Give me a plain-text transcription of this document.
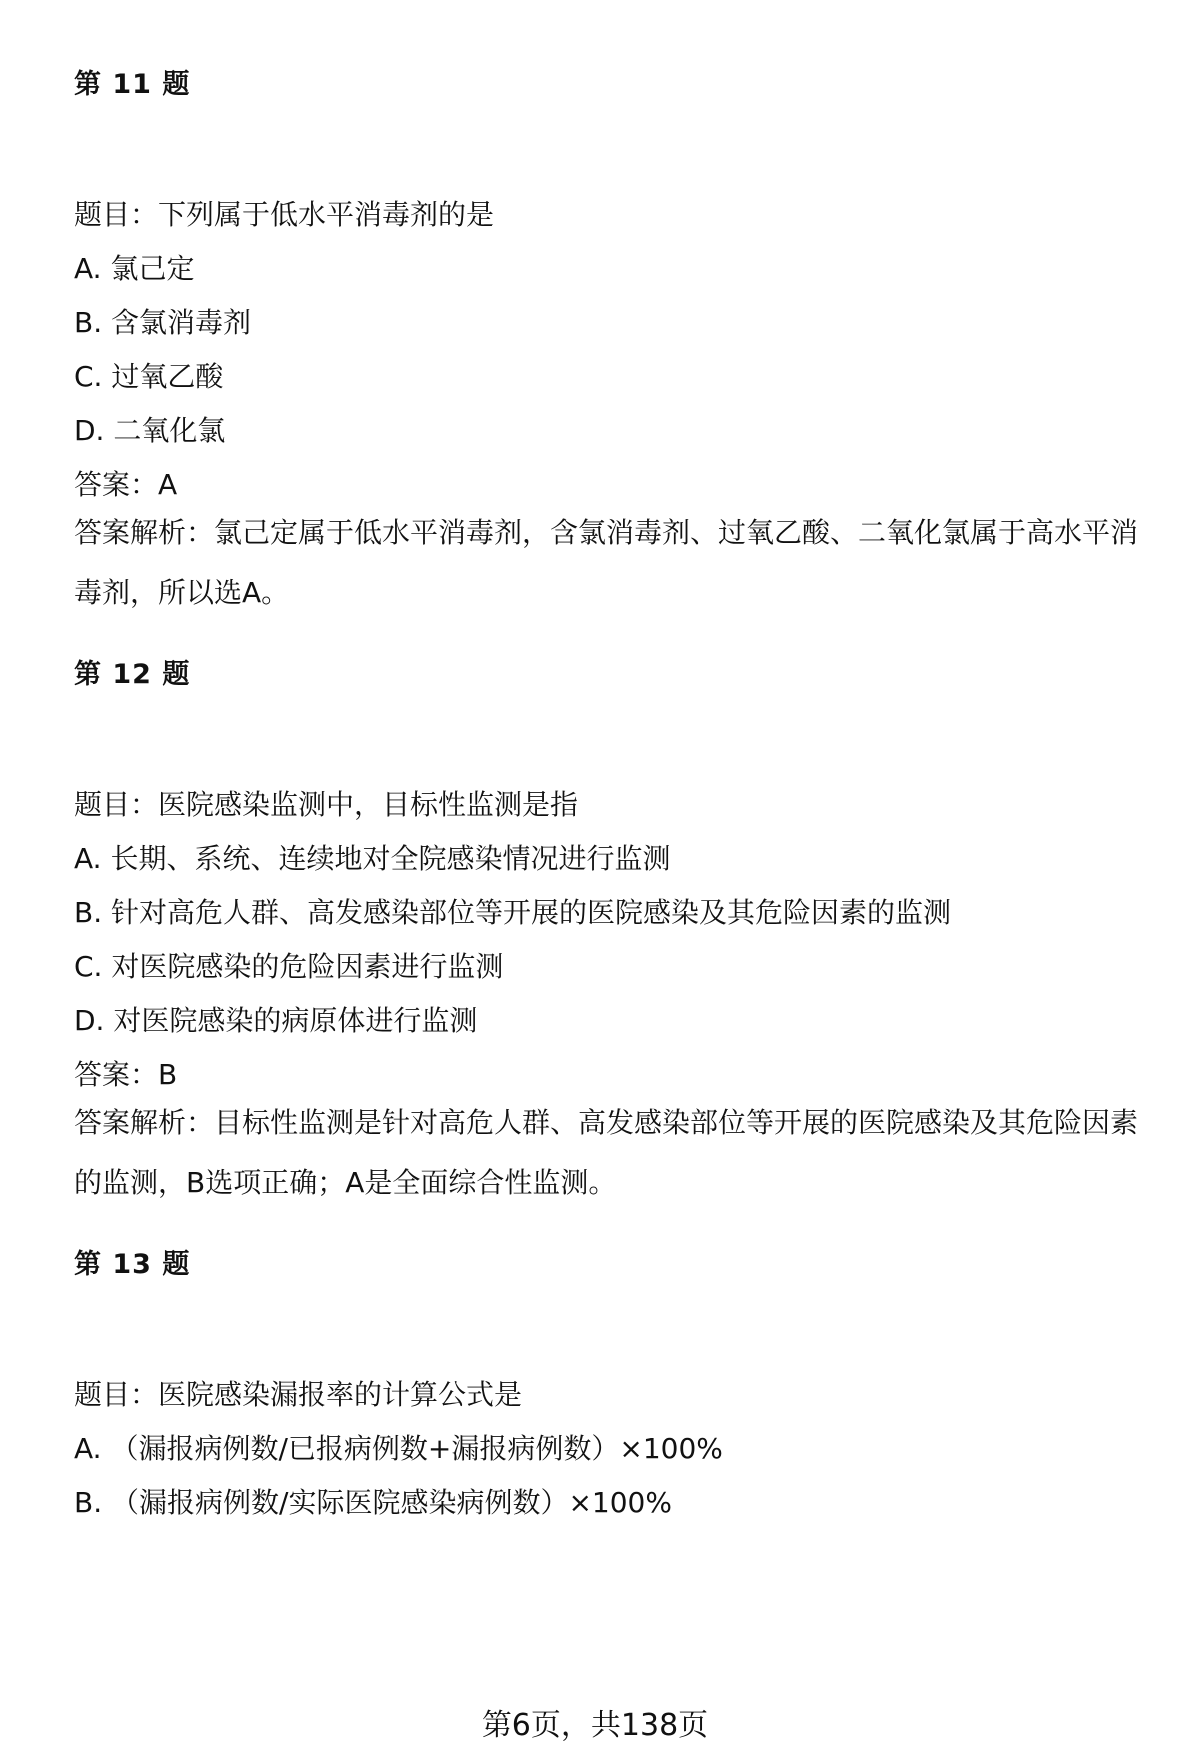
第 11 题
题目：下列属于低水平消毒剂的是
A. 氯己定
B. 含氯消毒剂
C. 过氧乙酸
D. 二氧化氯
答案：A
答案解析：氯己定属于低水平消毒剂，含氯消毒剂、过氧乙酸、二氧化氯属于高水平消毒剂，所以选A。
第 12 题
题目：医院感染监测中，目标性监测是指
A. 长期、系统、连续地对全院感染情况进行监测
B. 针对高危人群、高发感染部位等开展的医院感染及其危险因素的监测
C. 对医院感染的危险因素进行监测
D. 对医院感染的病原体进行监测
答案：B
答案解析：目标性监测是针对高危人群、高发感染部位等开展的医院感染及其危险因素的监测，B选项正确；A是全面综合性监测。
第 13 题
题目：医院感染漏报率的计算公式是
A. （漏报病例数/已报病例数+漏报病例数）×100%
B. （漏报病例数/实际医院感染病例数）×100%
第6页，共138页
